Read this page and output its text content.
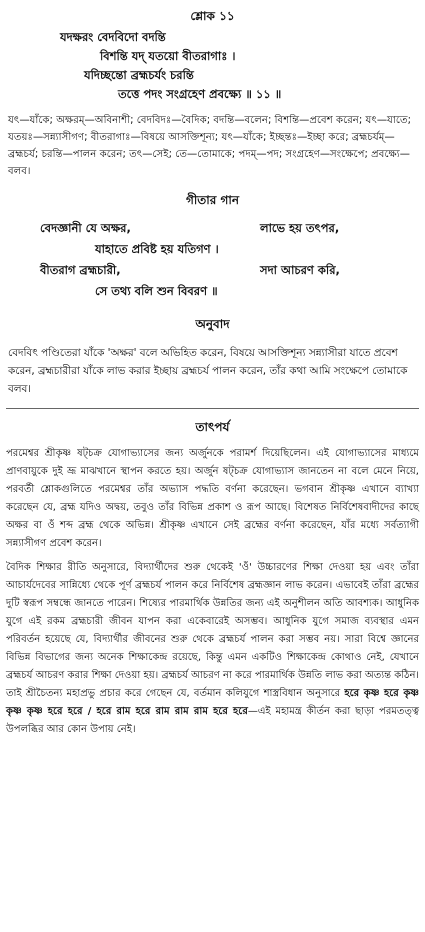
শ্লোক ১১
যদক্ষরং বেদবিদো বদন্তি
বিশন্তি যদ্ যতয়ো বীতরাগাঃ ।
যদিচ্ছন্তো ব্রহ্মচর্যং চরন্তি
তত্তে পদং সংগ্রহেণ প্রবক্ষ্যে ॥ ১১ ॥
যৎ—যাঁকে; অক্ষরম্—অবিনাশী; বেদবিদঃ—বৈদিক; বদন্তি—বলেন; বিশন্তি—প্রবেশ করেন; যৎ—যাতে; যতয়ঃ—সন্ন্যাসীগণ; বীতরাগাঃ—বিষয়ে আসক্তিশূন্য; যৎ—যাঁকে; ইচ্ছন্তঃ—ইচ্ছা করে; ব্রহ্মচর্যম্—ব্রহ্মচর্য; চরন্তি—পালন করেন; তৎ—সেই; তে—তোমাকে; পদম্—পদ; সংগ্রহেণ—সংক্ষেপে; প্রবক্ষ্যে—বলব।
গীতার গান
বেদজ্ঞানী যে অক্ষর,	লাভে হয় তৎপর,
যাহাতে প্রবিষ্ট হয় যতিগণ ।
বীতরাগ ব্রহ্মচারী,	সদা আচরণ করি,
সে তথ্য বলি শুন বিবরণ ॥
অনুবাদ
বেদবিৎ পণ্ডিতেরা যাঁকে 'অক্ষর' বলে অভিহিত করেন, বিষয়ে আসক্তিশূন্য সন্ন্যাসীরা যাতে প্রবেশ করেন, ব্রহ্মচারীরা যাঁকে লাভ করার ইচ্ছায় ব্রহ্মচর্য পালন করেন, তাঁর কথা আমি সংক্ষেপে তোমাকে বলব।
তাৎপর্য
পরমেশ্বর শ্রীকৃষ্ণ ষট্চক্র যোগাভ্যাসের জন্য অর্জুনকে পরামর্শ দিয়েছিলেন। এই যোগাভ্যাসের মাধ্যমে প্রাণবায়ুকে দুই ভ্রূ মাঝখানে স্থাপন করতে হয়। অর্জুন ষট্চক্র যোগাভ্যাস জানতেন না বলে মেনে নিয়ে, পরবর্তী শ্লোকগুলিতে পরমেশ্বর তাঁর অভ্যাস পদ্ধতি বর্ণনা করেছেন। ভগবান শ্রীকৃষ্ণ এখানে ব্যাখ্যা করেছেন যে, ব্রহ্ম যদিও অদ্বয়, তবুও তাঁর বিভিন্ন প্রকাশ ও রূপ আছে। বিশেষত নির্বিশেষবাদীদের কাছে অক্ষর বা ওঁ শব্দ ব্রহ্ম থেকে অভিন্ন। শ্রীকৃষ্ণ এখানে সেই ব্রহ্মের বর্ণনা করেছেন, যাঁর মধ্যে সর্বত্যাগী সন্ন্যাসীগণ প্রবেশ করেন।
বৈদিক শিক্ষার রীতি অনুসারে, বিদ্যার্থীদের শুরু থেকেই 'ওঁ' উচ্চারণের শিক্ষা দেওয়া হয় এবং তাঁরা আচার্যদেবের সান্নিধ্যে থেকে পূর্ণ ব্রহ্মচর্য পালন করে নির্বিশেষ ব্রহ্মজ্ঞান লাভ করেন। এভাবেই তাঁরা ব্রহ্মের দুটি স্বরূপ সম্বন্ধে জানতে পারেন। শিষ্যের পারমার্থিক উন্নতির জন্য এই অনুশীলন অতি আবশ্যক। আধুনিক যুগে এই রকম ব্রহ্মচারী জীবন যাপন করা একেবারেই অসম্ভব। আধুনিক যুগে সমাজ ব্যবস্থার এমন পরিবর্তন হয়েছে যে, বিদ্যার্থীর জীবনের শুরু থেকে ব্রহ্মচর্য পালন করা সম্ভব নয়। সারা বিশ্বে জ্ঞানের বিভিন্ন বিভাগের জন্য অনেক শিক্ষাকেন্দ্র রয়েছে, কিন্তু এমন একটিও শিক্ষাকেন্দ্র কোথাও নেই, যেখানে ব্রহ্মচর্য আচরণ করার শিক্ষা দেওয়া হয়। ব্রহ্মচর্য আচরণ না করে পারমার্থিক উন্নতি লাভ করা অত্যন্ত কঠিন। তাই শ্রীচৈতন্য মহাপ্রভু প্রচার করে গেছেন যে, বর্তমান কলিযুগে শাস্ত্রবিধান অনুসারে হরে কৃষ্ণ হরে কৃষ্ণ কৃষ্ণ কৃষ্ণ হরে হরে / হরে রাম হরে রাম রাম রাম হরে হরে—এই মহামন্ত্র কীর্তন করা ছাড়া পরমতত্ত্ব উপলব্ধির আর কোন উপায় নেই।
